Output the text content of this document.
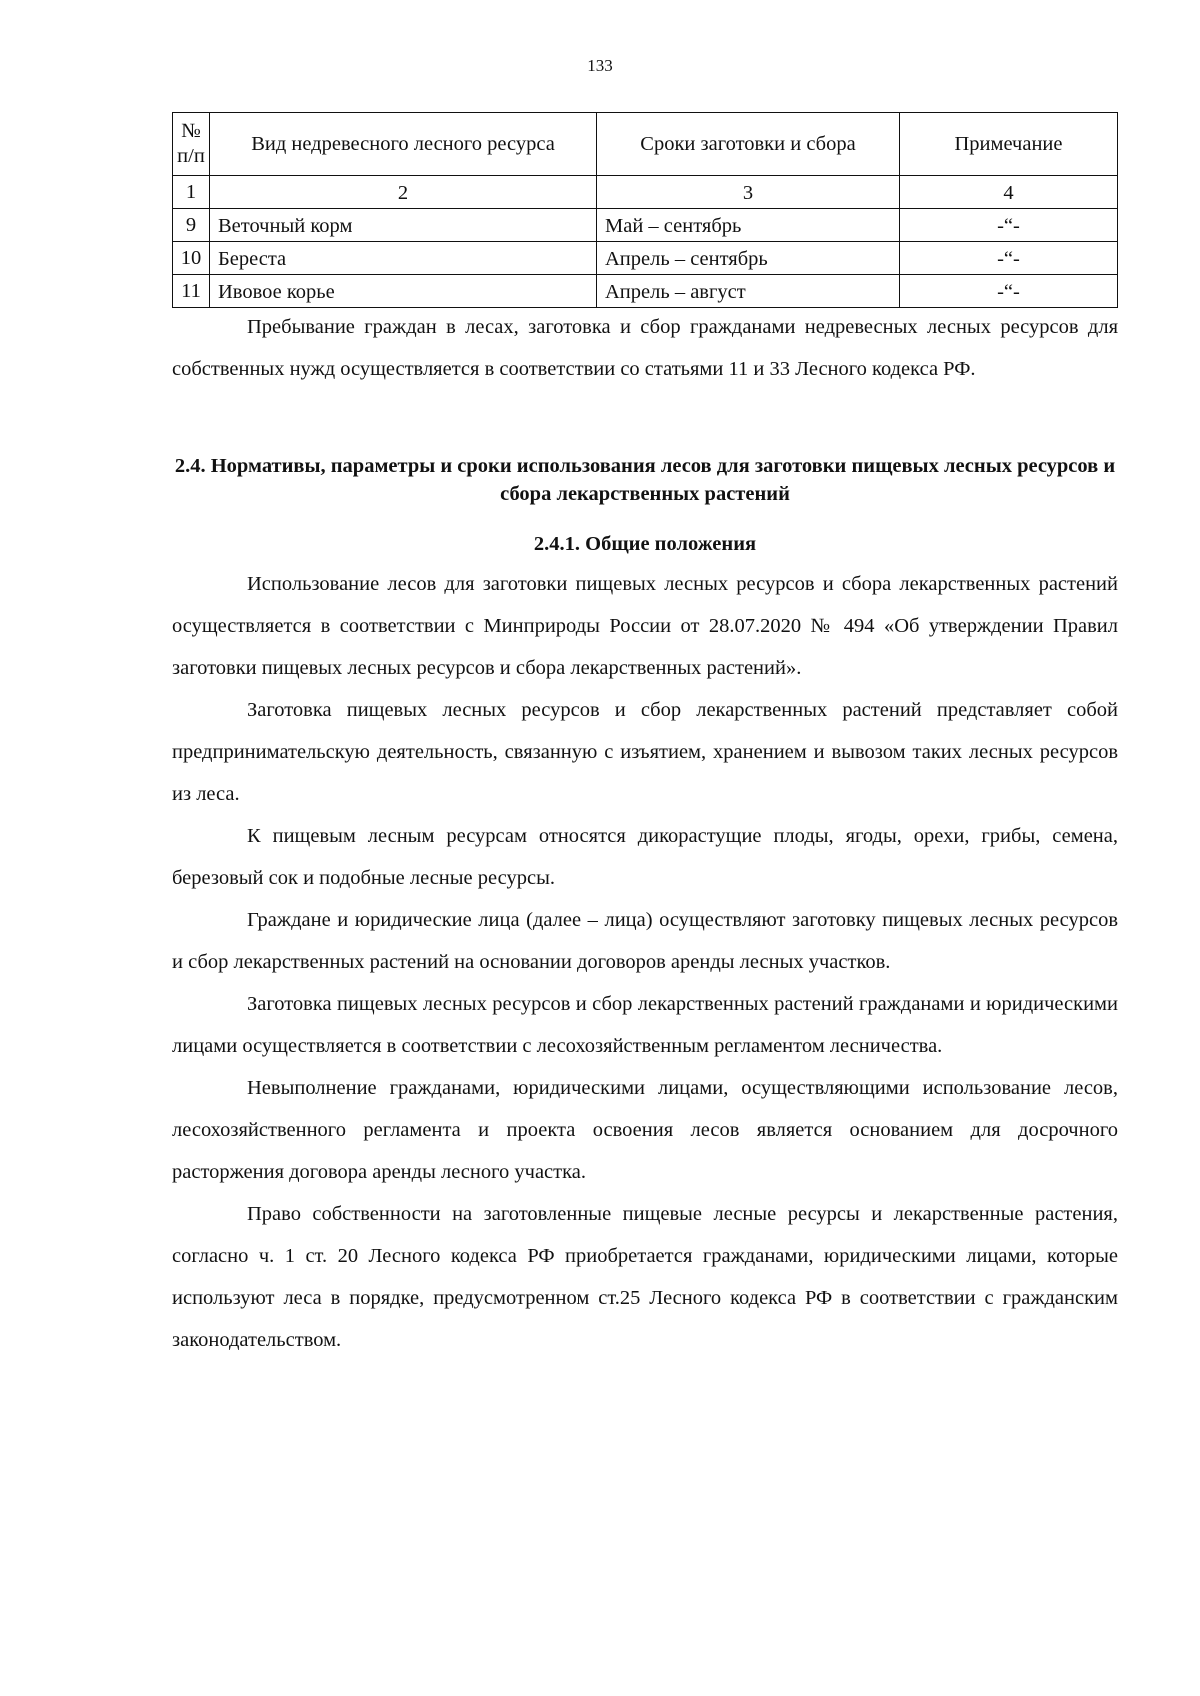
133
№ п/п	Вид недревесного лесного ресурса	Сроки заготовки и сбора	Примечание
1	2	3	4
9	Веточный корм	Май – сентябрь	-“-
10	Береста	Апрель – сентябрь	-“-
11	Ивовое корье	Апрель – август	-“-

Пребывание граждан в лесах, заготовка и сбор гражданами недревесных лесных ресурсов для собственных нужд осуществляется в соответствии со статьями 11 и 33 Лесного кодекса РФ.

2.4. Нормативы, параметры и сроки использования лесов для заготовки пищевых лесных ресурсов и сбора лекарственных растений
2.4.1. Общие положения

Использование лесов для заготовки пищевых лесных ресурсов и сбора лекарственных растений осуществляется в соответствии с Минприроды России от 28.07.2020 № 494 «Об утверждении Правил заготовки пищевых лесных ресурсов и сбора лекарственных растений».

Заготовка пищевых лесных ресурсов и сбор лекарственных растений представляет собой предпринимательскую деятельность, связанную с изъятием, хранением и вывозом таких лесных ресурсов из леса.

К пищевым лесным ресурсам относятся дикорастущие плоды, ягоды, орехи, грибы, семена, березовый сок и подобные лесные ресурсы.

Граждане и юридические лица (далее – лица) осуществляют заготовку пищевых лесных ресурсов и сбор лекарственных растений на основании договоров аренды лесных участков.

Заготовка пищевых лесных ресурсов и сбор лекарственных растений гражданами и юридическими лицами осуществляется в соответствии с лесохозяйственным регламентом лесничества.

Невыполнение гражданами, юридическими лицами, осуществляющими использование лесов, лесохозяйственного регламента и проекта освоения лесов является основанием для досрочного расторжения договора аренды лесного участка.

Право собственности на заготовленные пищевые лесные ресурсы и лекарственные растения, согласно ч. 1 ст. 20 Лесного кодекса РФ приобретается гражданами, юридическими лицами, которые используют леса в порядке, предусмотренном ст.25 Лесного кодекса РФ в соответствии с гражданским законодательством.
